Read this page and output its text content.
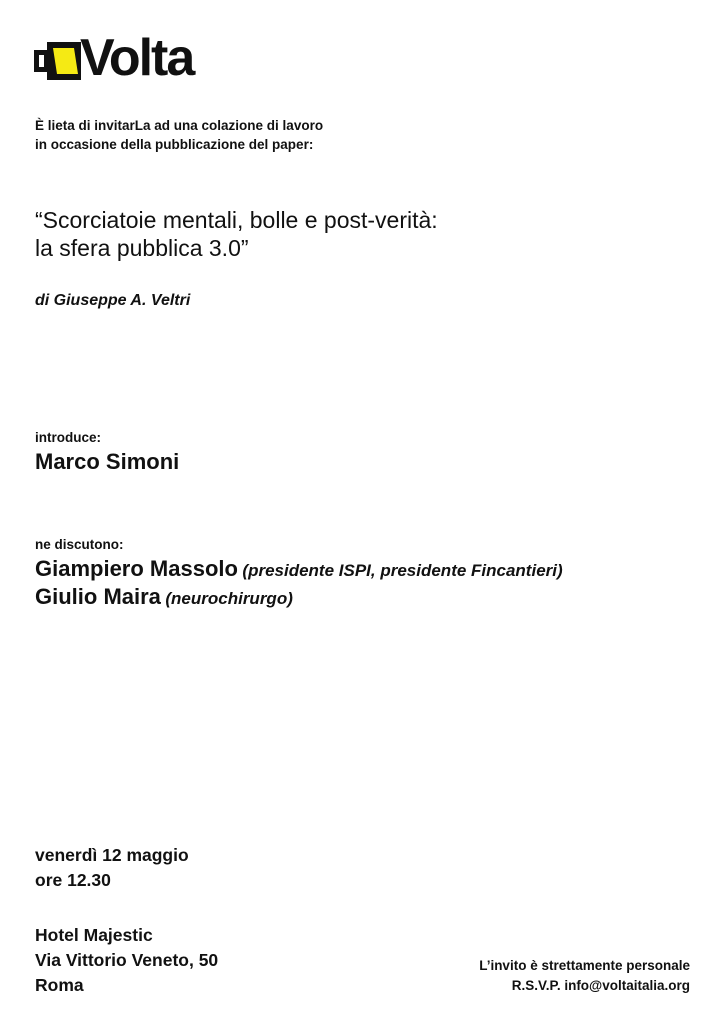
Volta
È lieta di invitarLa ad una colazione di lavoro
in occasione della pubblicazione del paper:
“Scorciatoie mentali, bolle e post-verità:
la sfera pubblica 3.0”
di Giuseppe A. Veltri
introduce:
Marco Simoni
ne discutono:
Giampiero Massolo (presidente ISPI, presidente Fincantieri)
Giulio Maira (neurochirurgo)
venerdì 12 maggio
ore 12.30
Hotel Majestic
Via Vittorio Veneto, 50
Roma
L’invito è strettamente personale
R.S.V.P. info@voltaitalia.org
